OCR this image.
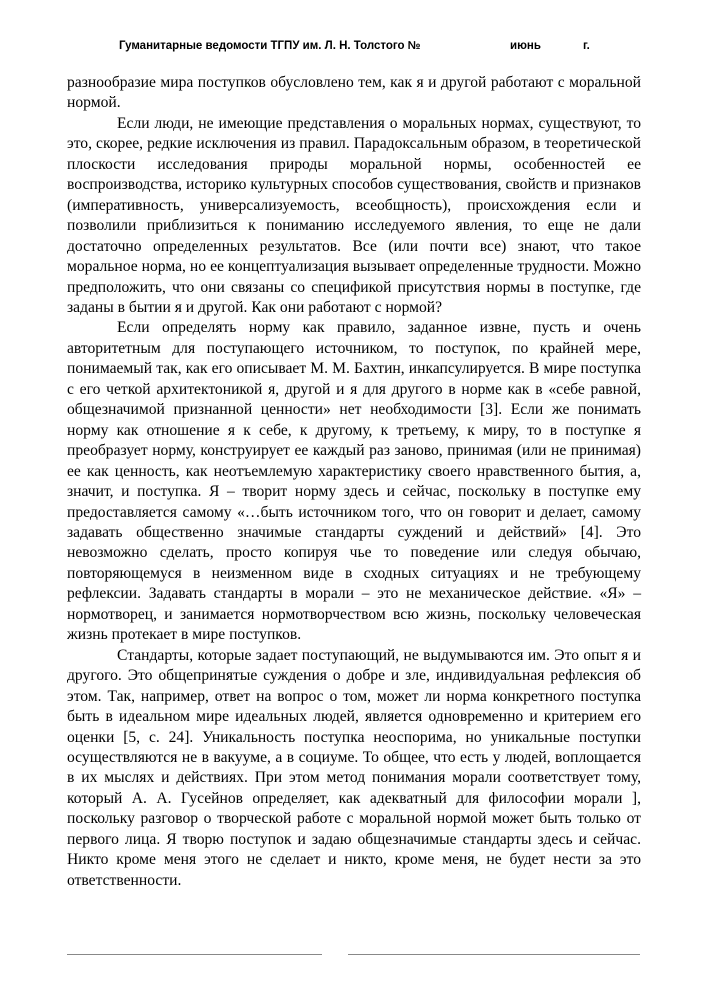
Гуманитарные ведомости ТГПУ им. Л. Н. Толстого №	июнь	г.

разнообразие мира поступков обусловлено тем, как я и другой работают с моральной нормой.

Если люди, не имеющие представления о моральных нормах, существуют, то это, скорее, редкие исключения из правил. Парадоксальным образом, в теоретической плоскости исследования природы моральной нормы, особенностей ее воспроизводства, историко культурных способов существования, свойств и признаков (императивность, универсализуемость, всеобщность), происхождения если и позволили приблизиться к пониманию исследуемого явления, то еще не дали достаточно определенных результатов. Все (или почти все) знают, что такое моральное норма, но ее концептуализация вызывает определенные трудности. Можно предположить, что они связаны со спецификой присутствия нормы в поступке, где заданы в бытии я и другой. Как они работают с нормой?

Если определять норму как правило, заданное извне, пусть и очень авторитетным для поступающего источником, то поступок, по крайней мере, понимаемый так, как его описывает М. М. Бахтин, инкапсулируется. В мире поступка с его четкой архитектоникой я, другой и я для другого в норме как в «себе равной, общезначимой признанной ценности» нет необходимости [3]. Если же понимать норму как отношение я к себе, к другому, к третьему, к миру, то в поступке я преобразует норму, конструирует ее каждый раз заново, принимая (или не принимая) ее как ценность, как неотъемлемую характеристику своего нравственного бытия, а, значит, и поступка. Я – творит норму здесь и сейчас, поскольку в поступке ему предоставляется самому «…быть источником того, что он говорит и делает, самому задавать общественно значимые стандарты суждений и действий» [4]. Это невозможно сделать, просто копируя чье то поведение или следуя обычаю, повторяющемуся в неизменном виде в сходных ситуациях и не требующему рефлексии. Задавать стандарты в морали – это не механическое действие. «Я» – нормотворец, и занимается нормотворчеством всю жизнь, поскольку человеческая жизнь протекает в мире поступков.

Стандарты, которые задает поступающий, не выдумываются им. Это опыт я и другого. Это общепринятые суждения о добре и зле, индивидуальная рефлексия об этом. Так, например, ответ на вопрос о том, может ли норма конкретного поступка быть в идеальном мире идеальных людей, является одновременно и критерием его оценки [5, с. 24]. Уникальность поступка неоспорима, но уникальные поступки осуществляются не в вакууме, а в социуме. То общее, что есть у людей, воплощается в их мыслях и действиях. При этом метод понимания морали соответствует тому, который А. А. Гусейнов определяет, как адекватный для философии морали ], поскольку разговор о творческой работе с моральной нормой может быть только от первого лица. Я творю поступок и задаю общезначимые стандарты здесь и сейчас. Никто кроме меня этого не сделает и никто, кроме меня, не будет нести за это ответственности.
